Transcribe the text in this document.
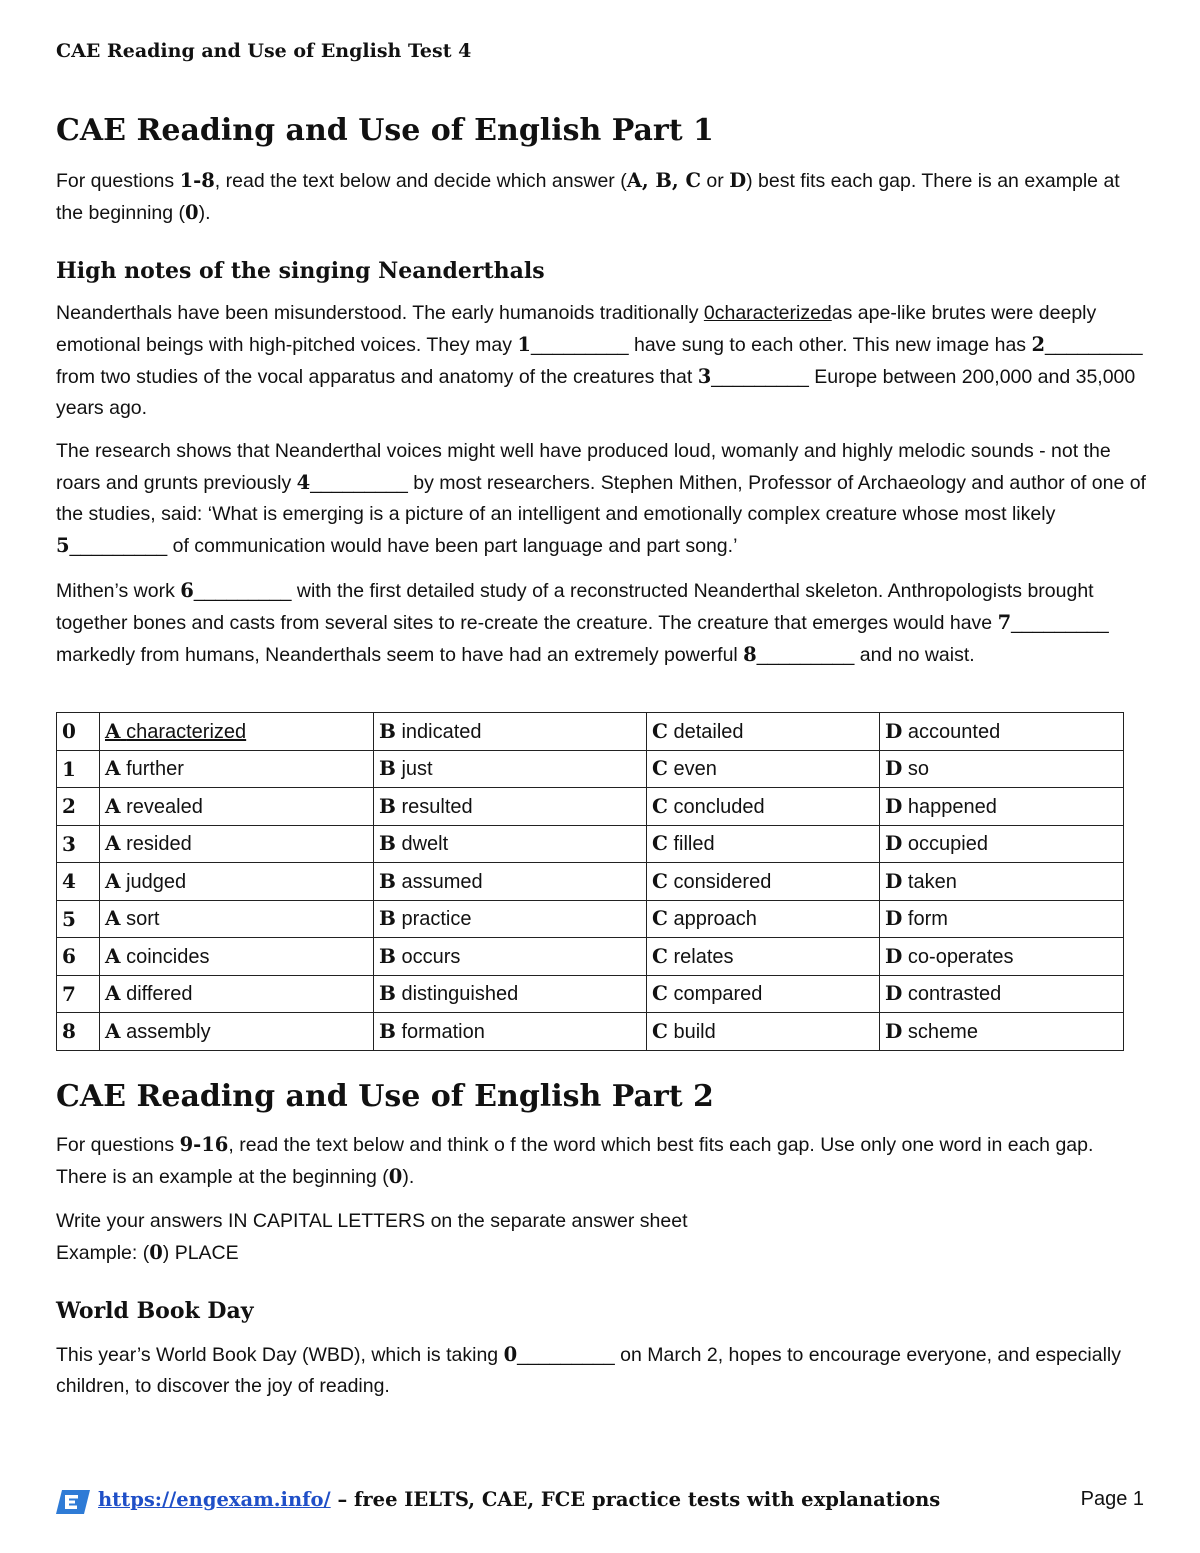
CAE Reading and Use of English Test 4
CAE Reading and Use of English Part 1
For questions 1-8, read the text below and decide which answer (A, B, C or D) best fits each gap. There is an example at the beginning (0).
High notes of the singing Neanderthals
Neanderthals have been misunderstood. The early humanoids traditionally 0characterizedas ape-like brutes were deeply emotional beings with high-pitched voices. They may 1_________ have sung to each other. This new image has 2_________ from two studies of the vocal apparatus and anatomy of the creatures that 3_________ Europe between 200,000 and 35,000 years ago.
The research shows that Neanderthal voices might well have produced loud, womanly and highly melodic sounds - not the roars and grunts previously 4_________ by most researchers. Stephen Mithen, Professor of Archaeology and author of one of the studies, said: ‘What is emerging is a picture of an intelligent and emotionally complex creature whose most likely 5_________ of communication would have been part language and part song.’
Mithen’s work 6_________ with the first detailed study of a reconstructed Neanderthal skeleton. Anthropologists brought together bones and casts from several sites to re-create the creature. The creature that emerges would have 7_________ markedly from humans, Neanderthals seem to have had an extremely powerful 8_________ and no waist.
0	A characterized	B indicated	C detailed	D accounted
1	A further	B just	C even	D so
2	A revealed	B resulted	C concluded	D happened
3	A resided	B dwelt	C filled	D occupied
4	A judged	B assumed	C considered	D taken
5	A sort	B practice	C approach	D form
6	A coincides	B occurs	C relates	D co-operates
7	A differed	B distinguished	C compared	D contrasted
8	A assembly	B formation	C build	D scheme
CAE Reading and Use of English Part 2
For questions 9-16, read the text below and think o f the word which best fits each gap. Use only one word in each gap. There is an example at the beginning (0).
Write your answers IN CAPITAL LETTERS on the separate answer sheet
Example: (0) PLACE
World Book Day
This year’s World Book Day (WBD), which is taking 0_________ on March 2, hopes to encourage everyone, and especially children, to discover the joy of reading.
https://engexam.info/ – free IELTS, CAE, FCE practice tests with explanations	Page 1
